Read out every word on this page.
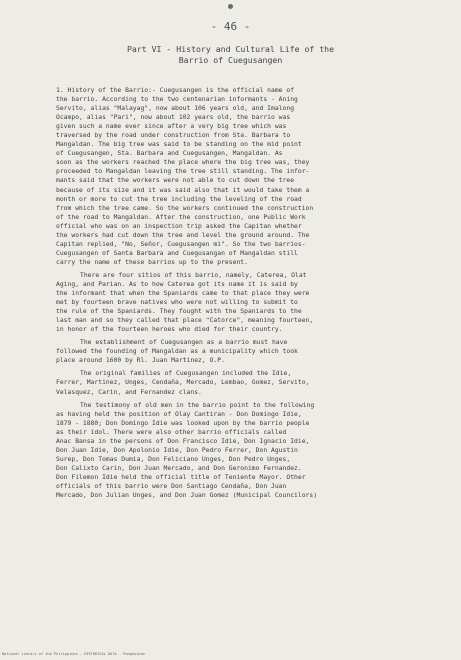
- 46 -
Part VI - History and Cultural Life of the
Barrio of Cuegusangen
1. History of the Barrio:- Cuegusangen is the official name of
the barrio. According to the two centenarian informants - Aning
Servito, alias "Malayag", now about 106 years old, and Imalong
Ocampo, alias "Pari", now about 102 years old, the barrio was
given such a name ever since after a very big tree which was
traversed by the road under construction from Sta. Barbara to
Mangaldan. The big tree was said to be standing on the mid point
of Cuegusangen, Sta. Barbara and Cuegusangen, Mangaldan. As
soon as the workers reached the place where the big tree was, they
proceeded to Mangaldan leaving the tree still standing. The infor-
mants said that the workers were not able to cut down the tree
because of its size and it was said also that it would take them a
month or more to cut the tree including the leveling of the road
from which the tree came. So the workers continued the construction
of the road to Mangaldan. After the construction, one Public Work
official who was on an inspection trip asked the Capitan whether
the workers had cut down the tree and level the ground around. The
Capitan replied, "No, Señor, Cuegusangen mi". So the two barrios-
Cuegusangen of Santa Barbara and Cuegusangan of Mangaldan still
carry the name of these barrios up to the present.
There are four sitios of this barrio, namely, Caterea, Olat
Aging, and Parian. As to how Caterea got its name it is said by
the informant that when the Spaniards came to that place they were
met by fourteen brave natives who were not willing to submit to
the rule of the Spaniards. They fought with the Spaniards to the
last man and so they called that place "Catorce", meaning fourteen,
in honor of the fourteen heroes who died for their country.
The establishment of Cuegusangen as a barrio must have
followed the founding of Mangaldan as a municipality which took
place around 1600 by Rl. Juan Martinez, O.P.
The original families of Cuegusangen included the Idie,
Ferrer, Martinez, Unges, Cendaña, Mercado, Lembao, Gomez, Servito,
Velasquez, Carin, and Fernandez clans.
The testimony of old men in the barrio point to the following
as having held the position of Olay Cantiran - Don Domingo Idie,
1879 - 1880; Don Domingo Idie was looked upon by the barrio people
as their idol. There were also other barrio officials called
Anac Bansa in the persons of Don Francisco Idie, Don Ignacio Idie,
Don Juan Idie, Don Apolonio Idie, Don Pedro Ferrer, Don Agustin
Surep, Don Tomas Dumia, Don Feliciano Unges, Don Pedro Unges,
Don Calixto Carin, Don Juan Mercado, and Don Geronimo Fernandez.
Don Filemon Idie held the official title of Teniente Mayor. Other
officials of this barrio were Don Santiago Cendaña, Don Juan
Mercado, Don Julian Unges, and Don Juan Gomez (Municipal Councilors)
National Library of the Philippines - HISTORICAL DATA - Pangasinan
